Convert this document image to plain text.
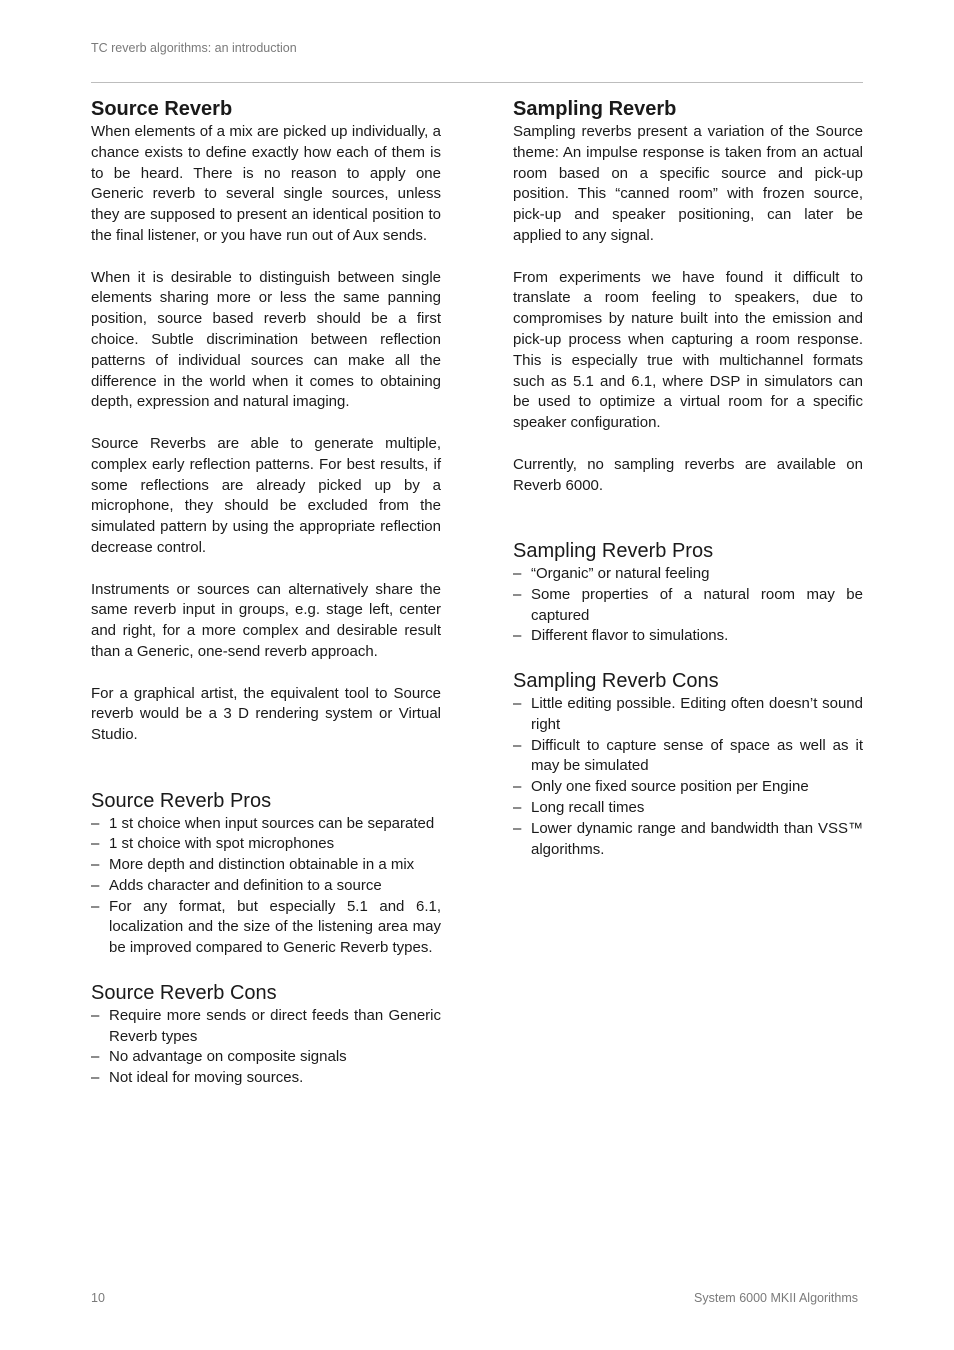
TC reverb algorithms: an introduction
Source Reverb

When elements of a mix are picked up individually, a chance exists to define exactly how each of them is to be heard. There is no reason to apply one Generic reverb to several single sources, unless they are supposed to present an identical position to the final listener, or you have run out of Aux sends.

When it is desirable to distinguish between single elements sharing more or less the same panning position, source based reverb should be a first choice. Subtle discrimination between reflection patterns of individual sources can make all the difference in the world when it comes to obtaining depth, expression and natural imaging.

Source Reverbs are able to generate multiple, complex early reflection patterns. For best results, if some reflections are already picked up by a microphone, they should be excluded from the simulated pattern by using the appropriate reflection decrease control.

Instruments or sources can alternatively share the same reverb input in groups, e.g. stage left, center and right, for a more complex and desirable result than a Generic, one-send reverb approach.

For a graphical artist, the equivalent tool to Source reverb would be a 3 D rendering system or Virtual Studio.

Source Reverb Pros
– 1 st choice when input sources can be separated
– 1 st choice with spot microphones
– More depth and distinction obtainable in a mix
– Adds character and definition to a source
– For any format, but especially 5.1 and 6.1, localization and the size of the listening area may be improved compared to Generic Reverb types.
Source Reverb Cons
– Require more sends or direct feeds than Generic Reverb types
– No advantage on composite signals
– Not ideal for moving sources.
Sampling Reverb

Sampling reverbs present a variation of the Source theme: An impulse response is taken from an actual room based on a specific source and pick-up position. This “canned room” with frozen source, pick-up and speaker positioning, can later be applied to any signal.

From experiments we have found it difficult to translate a room feeling to speakers, due to compromises by nature built into the emission and pick-up process when capturing a room response. This is especially true with multichannel formats such as 5.1 and 6.1, where DSP in simulators can be used to optimize a virtual room for a specific speaker configuration.

Currently, no sampling reverbs are available on Reverb 6000.

Sampling Reverb Pros
– “Organic” or natural feeling
– Some properties of a natural room may be captured
– Different flavor to simulations.
Sampling Reverb Cons
– Little editing possible. Editing often doesn’t sound right
– Difficult to capture sense of space as well as it may be simulated
– Only one fixed source position per Engine
– Long recall times
– Lower dynamic range and bandwidth than VSS™ algorithms.
10	System 6000 MKII Algorithms
